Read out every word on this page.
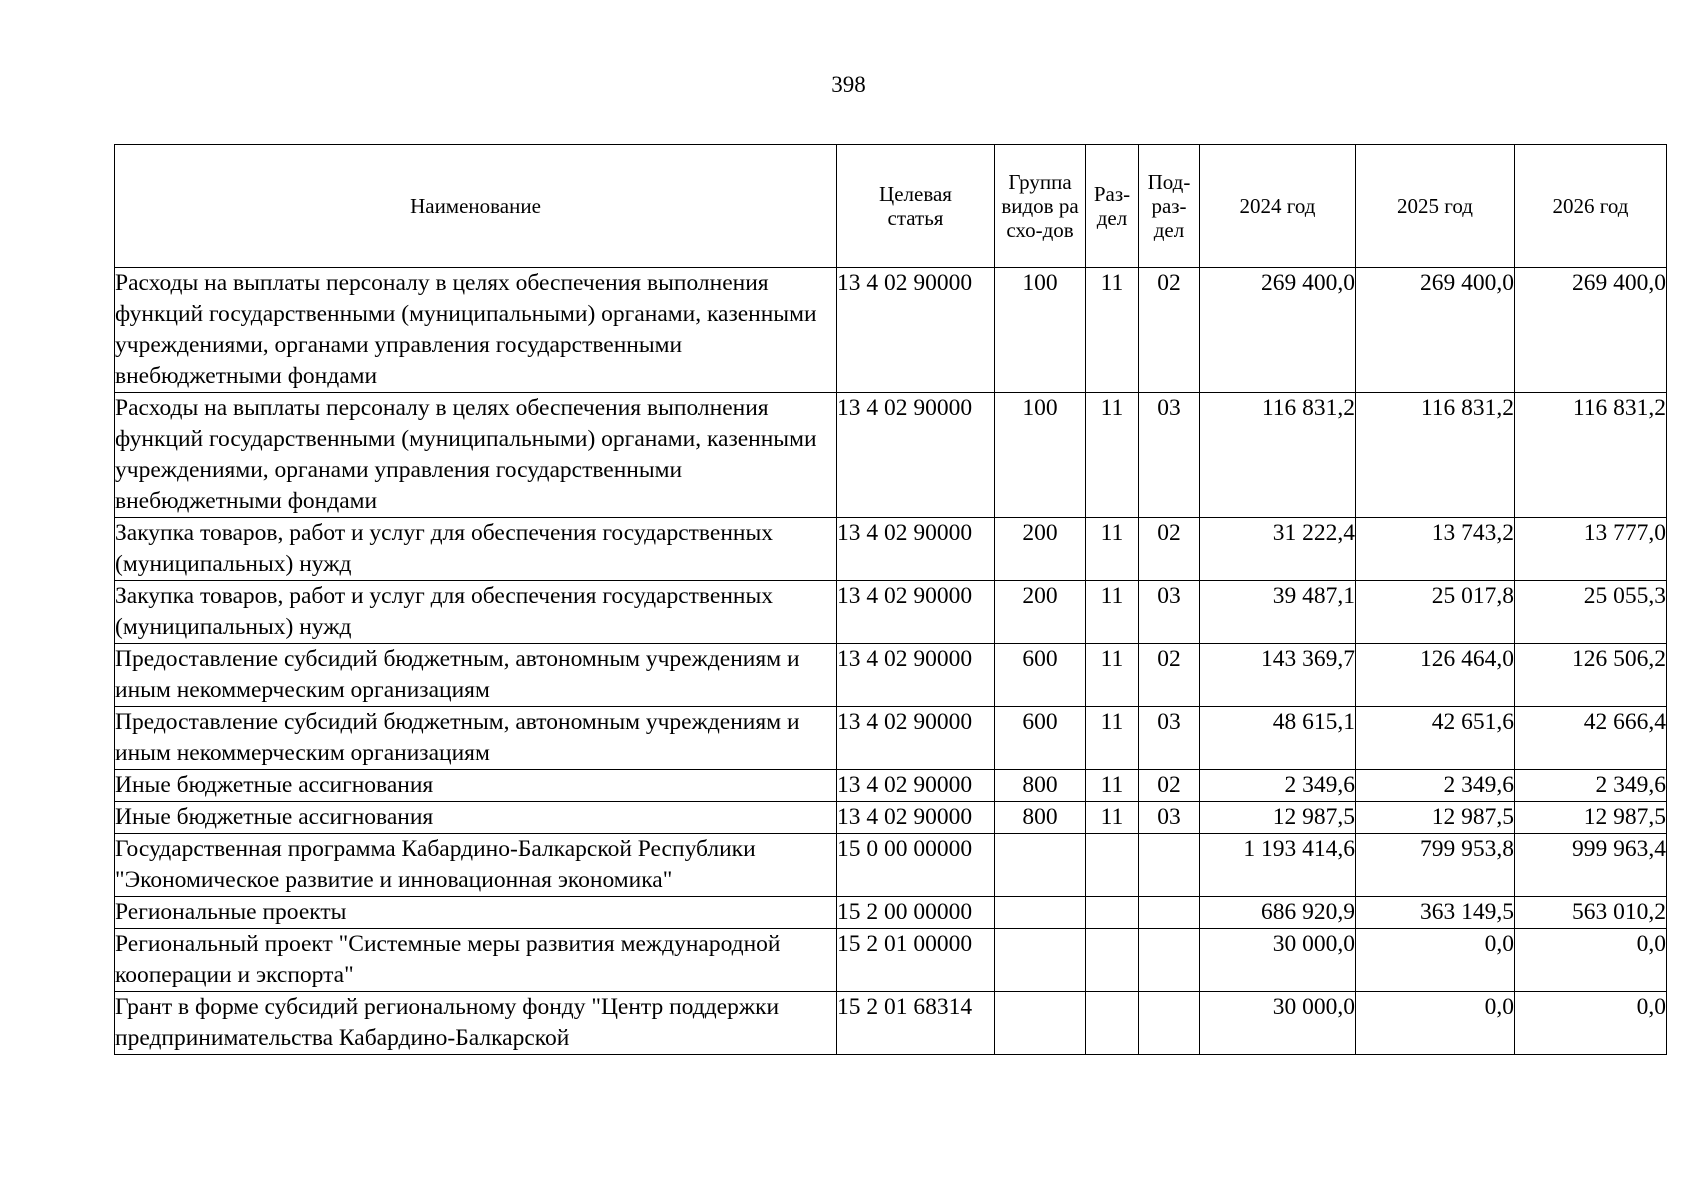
398
Наименование	Целевая статья	Группа видов расхо-дов	Раз-дел	Под-раз-дел	2024 год	2025 год	2026 год
Расходы на выплаты персоналу в целях обеспечения выполнения функций государственными (муниципальными) органами, казенными учреждениями, органами управления государственными внебюджетными фондами	13 4 02 90000	100	11	02	269 400,0	269 400,0	269 400,0
Расходы на выплаты персоналу в целях обеспечения выполнения функций государственными (муниципальными) органами, казенными учреждениями, органами управления государственными внебюджетными фондами	13 4 02 90000	100	11	03	116 831,2	116 831,2	116 831,2
Закупка товаров, работ и услуг для обеспечения государственных (муниципальных) нужд	13 4 02 90000	200	11	02	31 222,4	13 743,2	13 777,0
Закупка товаров, работ и услуг для обеспечения государственных (муниципальных) нужд	13 4 02 90000	200	11	03	39 487,1	25 017,8	25 055,3
Предоставление субсидий бюджетным, автономным учреждениям и иным некоммерческим организациям	13 4 02 90000	600	11	02	143 369,7	126 464,0	126 506,2
Предоставление субсидий бюджетным, автономным учреждениям и иным некоммерческим организациям	13 4 02 90000	600	11	03	48 615,1	42 651,6	42 666,4
Иные бюджетные ассигнования	13 4 02 90000	800	11	02	2 349,6	2 349,6	2 349,6
Иные бюджетные ассигнования	13 4 02 90000	800	11	03	12 987,5	12 987,5	12 987,5
Государственная программа Кабардино-Балкарской Республики "Экономическое развитие и инновационная экономика"	15 0 00 00000				1 193 414,6	799 953,8	999 963,4
Региональные проекты	15 2 00 00000				686 920,9	363 149,5	563 010,2
Региональный проект "Системные меры развития международной кооперации и экспорта"	15 2 01 00000				30 000,0	0,0	0,0
Грант в форме субсидий региональному фонду "Центр поддержки предпринимательства Кабардино-Балкарской	15 2 01 68314				30 000,0	0,0	0,0
